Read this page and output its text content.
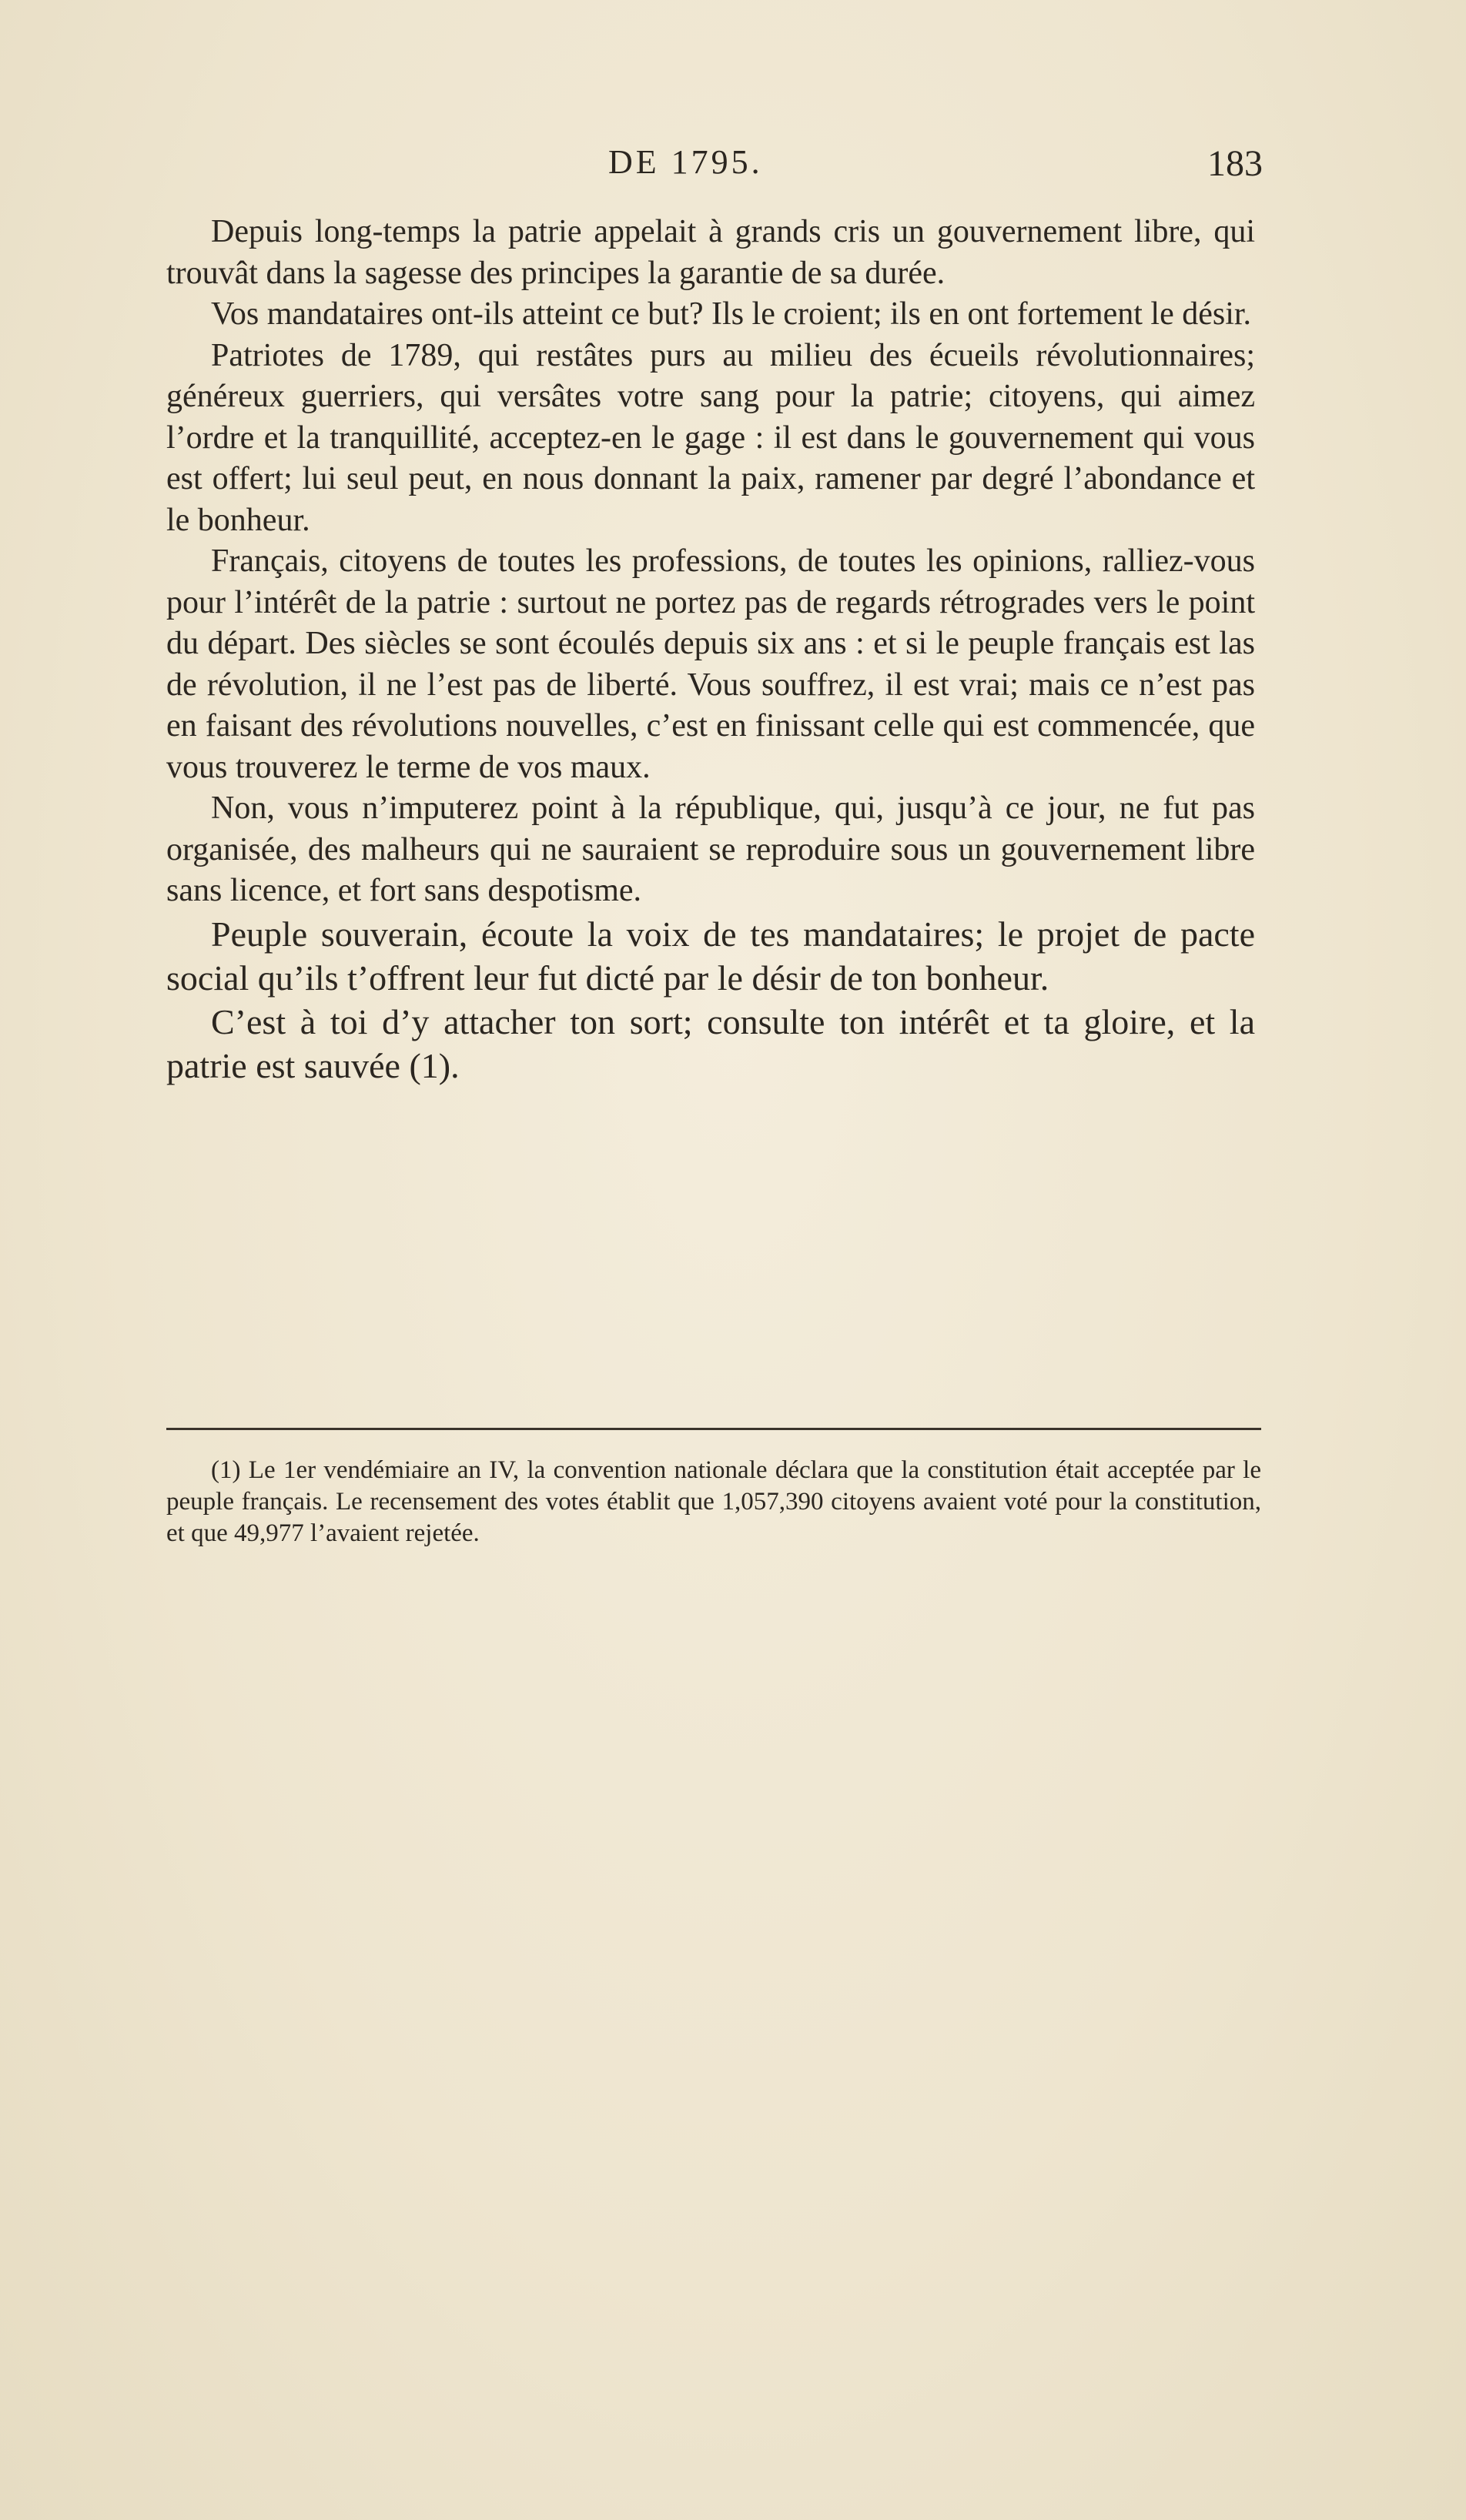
DE 1795.	183

Depuis long-temps la patrie appelait à grands cris un gouvernement libre, qui trouvât dans la sagesse des principes la garantie de sa durée.

Vos mandataires ont-ils atteint ce but? Ils le croient; ils en ont fortement le désir.

Patriotes de 1789, qui restâtes purs au milieu des écueils révolutionnaires; généreux guerriers, qui versâtes votre sang pour la patrie; citoyens, qui aimez l’ordre et la tranquillité, acceptez-en le gage : il est dans le gouvernement qui vous est offert; lui seul peut, en nous donnant la paix, ramener par degré l’abondance et le bonheur.

Français, citoyens de toutes les professions, de toutes les opinions, ralliez-vous pour l’intérêt de la patrie : surtout ne portez pas de regards rétrogrades vers le point du départ. Des siècles se sont écoulés depuis six ans : et si le peuple français est las de révolution, il ne l’est pas de liberté. Vous souffrez, il est vrai; mais ce n’est pas en faisant des révolutions nouvelles, c’est en finissant celle qui est commencée, que vous trouverez le terme de vos maux.

Non, vous n’imputerez point à la république, qui, jusqu’à ce jour, ne fut pas organisée, des malheurs qui ne sauraient se reproduire sous un gouvernement libre sans licence, et fort sans despotisme.

Peuple souverain, écoute la voix de tes mandataires; le projet de pacte social qu’ils t’offrent leur fut dicté par le désir de ton bonheur.

C’est à toi d’y attacher ton sort; consulte ton intérêt et ta gloire, et la patrie est sauvée (1).

(1) Le 1er vendémiaire an IV, la convention nationale déclara que la constitution était acceptée par le peuple français. Le recensement des votes établit que 1,057,390 citoyens avaient voté pour la constitution, et que 49,977 l’avaient rejetée.
